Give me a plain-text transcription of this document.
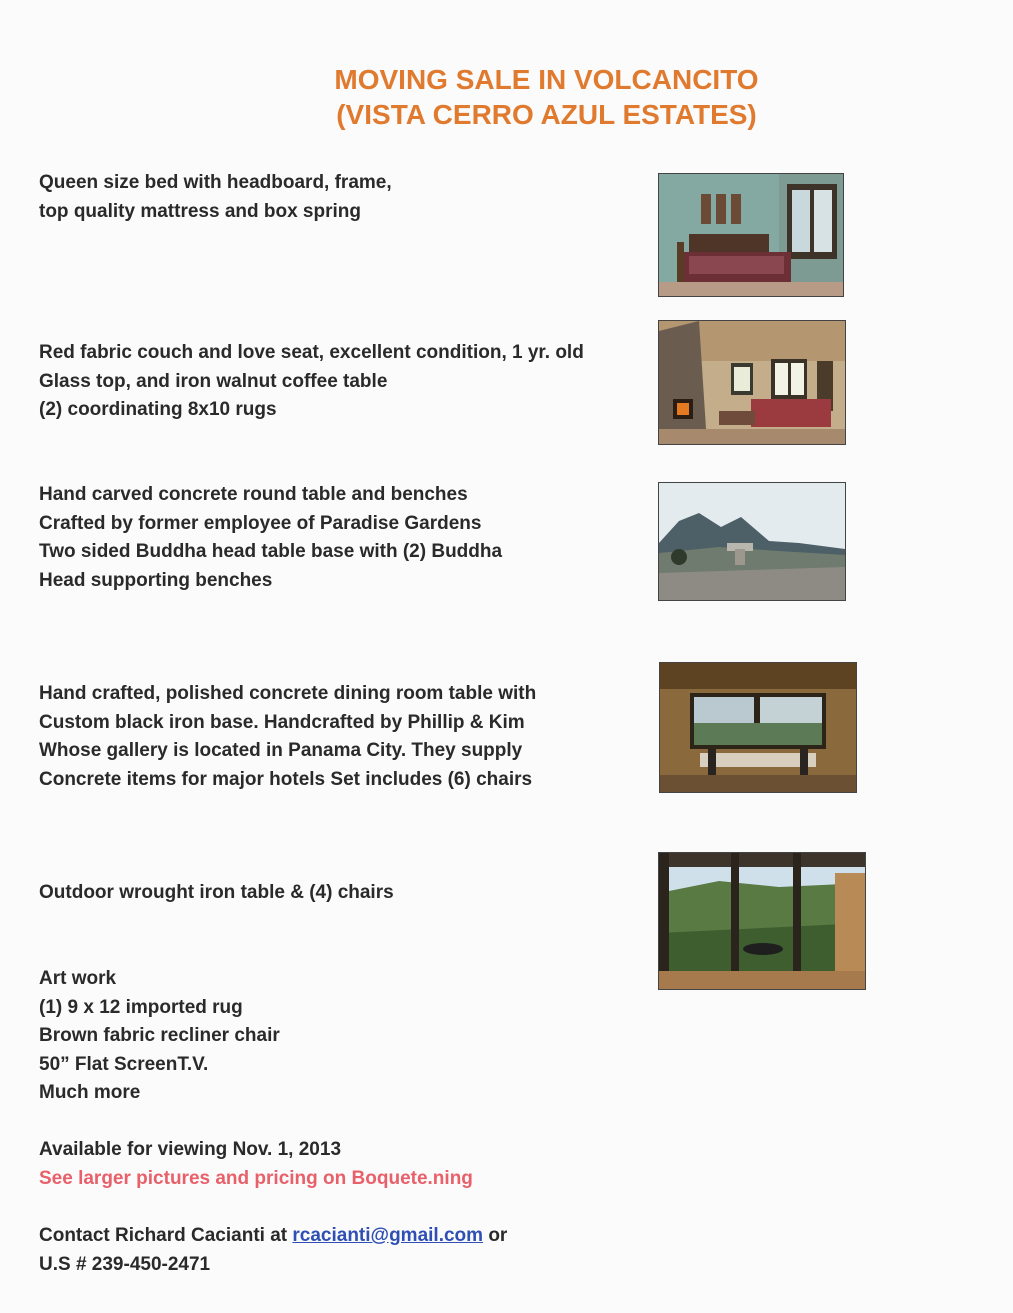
MOVING SALE IN VOLCANCITO
(VISTA CERRO AZUL ESTATES)
Queen size bed with headboard, frame,
top quality mattress and box spring
Red fabric couch and love seat, excellent condition, 1 yr. old
Glass top, and iron walnut coffee table
(2) coordinating 8x10 rugs
Hand carved concrete round table and benches
Crafted by former employee of Paradise Gardens
Two sided Buddha head table base with (2) Buddha
Head supporting benches
Hand crafted, polished concrete dining room table with
Custom black iron base. Handcrafted by Phillip & Kim
Whose gallery is located in Panama City. They supply
Concrete items for major hotels Set includes (6) chairs
Outdoor wrought iron table & (4) chairs
Art work
(1) 9 x 12 imported rug
Brown fabric recliner chair
50” Flat ScreenT.V.
Much more
Available for viewing Nov. 1, 2013
See larger pictures and pricing on Boquete.ning
Contact Richard Cacianti at rcacianti@gmail.com or
U.S # 239-450-2471
